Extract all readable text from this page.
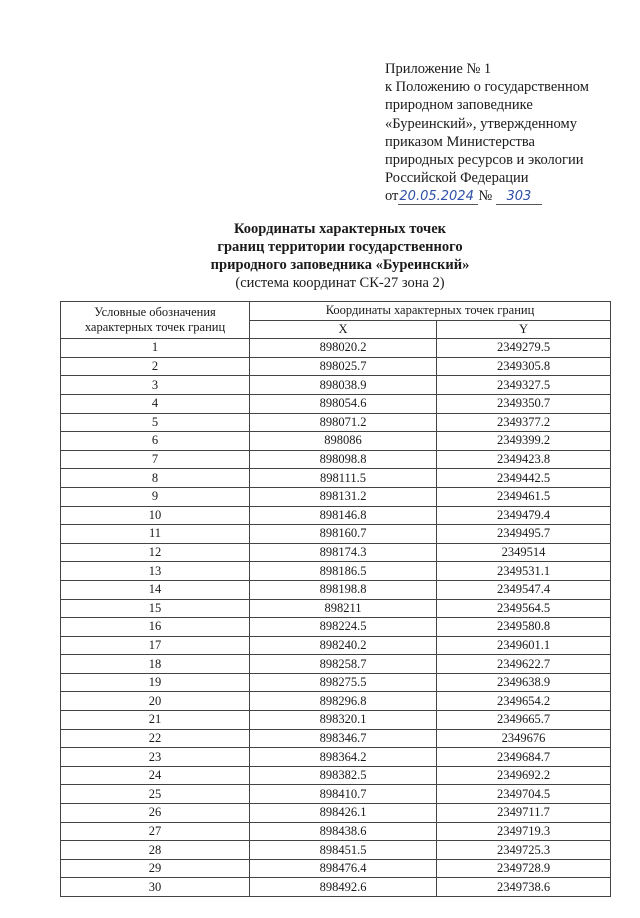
Приложение № 1
к Положению о государственном
природном заповеднике
«Буреинский», утвержденному
приказом Министерства
природных ресурсов и экологии
Российской Федерации
от20.05.2024 № 303
Координаты характерных точек
границ территории государственного
природного заповедника «Буреинский»
(система координат СК-27 зона 2)
Условные обозначения характерных точек границ	Координаты характерных точек границ	
	X	Y
1	898020.2	2349279.5
2	898025.7	2349305.8
3	898038.9	2349327.5
4	898054.6	2349350.7
5	898071.2	2349377.2
6	898086	2349399.2
7	898098.8	2349423.8
8	898111.5	2349442.5
9	898131.2	2349461.5
10	898146.8	2349479.4
11	898160.7	2349495.7
12	898174.3	2349514
13	898186.5	2349531.1
14	898198.8	2349547.4
15	898211	2349564.5
16	898224.5	2349580.8
17	898240.2	2349601.1
18	898258.7	2349622.7
19	898275.5	2349638.9
20	898296.8	2349654.2
21	898320.1	2349665.7
22	898346.7	2349676
23	898364.2	2349684.7
24	898382.5	2349692.2
25	898410.7	2349704.5
26	898426.1	2349711.7
27	898438.6	2349719.3
28	898451.5	2349725.3
29	898476.4	2349728.9
30	898492.6	2349738.6
